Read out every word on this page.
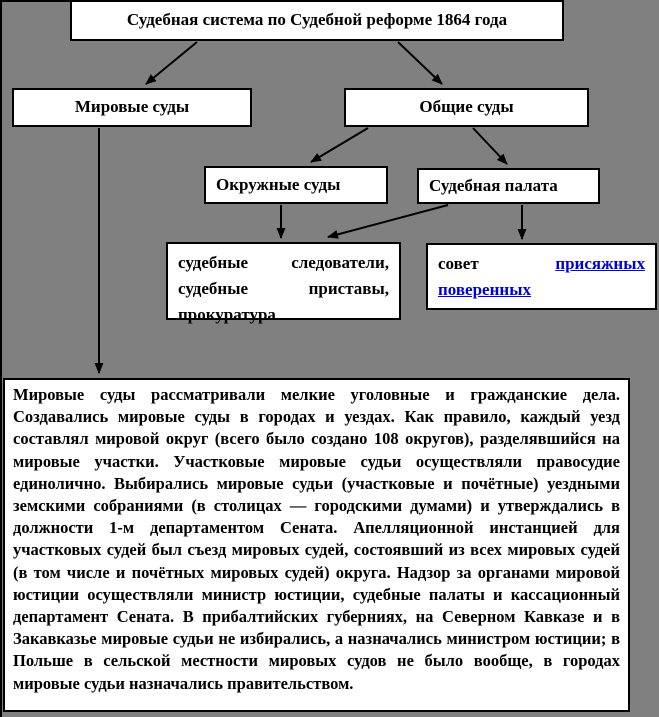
Судебная система по Судебной реформе 1864 года
Мировые суды	Общие суды
Окружные суды	Судебная палата
судебные	следователи,
судебные	приставы,
прокуратура
совет	присяжных
поверенных
Мировые суды рассматривали мелкие уголовные и гражданские дела. Создавались мировые суды в городах и уездах. Как правило, каждый уезд составлял мировой округ (всего было создано 108 округов), разделявшийся на мировые участки. Участковые мировые судьи осуществляли правосудие единолично. Выбирались мировые судьи (участковые и почётные) уездными земскими собраниями (в столицах — городскими думами) и утверждались в должности 1-м департаментом Сената. Апелляционной инстанцией для участковых судей был съезд мировых судей, состоявший из всех мировых судей (в том числе и почётных мировых судей) округа. Надзор за органами мировой юстиции осуществляли министр юстиции, судебные палаты и кассационный департамент Сената. В прибалтийских губерниях, на Северном Кавказе и в Закавказье мировые судьи не избирались, а назначались министром юстиции; в Польше в сельской местности мировых судов не было вообще, в городах мировые судьи назначались правительством.
